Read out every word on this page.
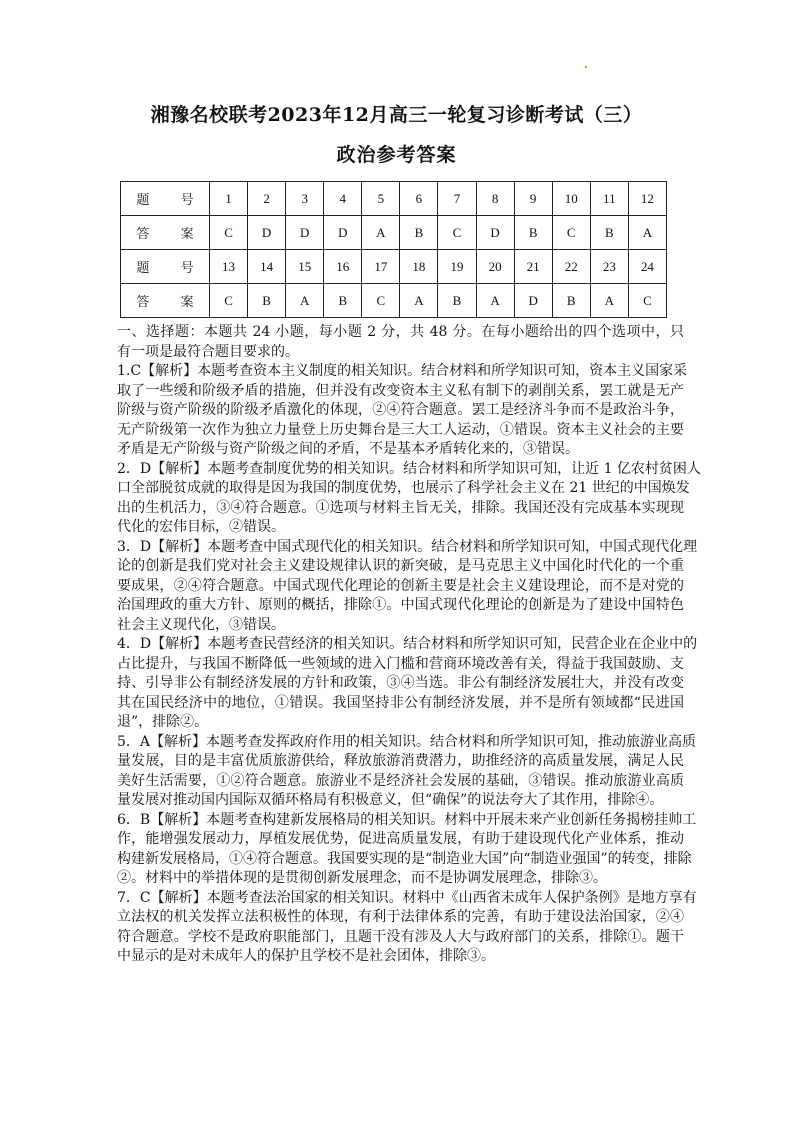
湘豫名校联考2023年12月高三一轮复习诊断考试（三）
政治参考答案
题 号	1	2	3	4	5	6	7	8	9	10	11	12
答 案	C	D	D	D	A	B	C	D	B	C	B	A
题 号	13	14	15	16	17	18	19	20	21	22	23	24
答 案	C	B	A	B	C	A	B	A	D	B	A	C
一、选择题：本题共 24 小题，每小题 2 分，共 48 分。在每小题给出的四个选项中，只
有一项是最符合题目要求的。
1.C【解析】本题考查资本主义制度的相关知识。结合材料和所学知识可知，资本主义国家采
取了一些缓和阶级矛盾的措施，但并没有改变资本主义私有制下的剥削关系，罢工就是无产
阶级与资产阶级的阶级矛盾激化的体现，②④符合题意。罢工是经济斗争而不是政治斗争，
无产阶级第一次作为独立力量登上历史舞台是三大工人运动，①错误。资本主义社会的主要
矛盾是无产阶级与资产阶级之间的矛盾，不是基本矛盾转化来的，③错误。
2．D【解析】本题考查制度优势的相关知识。结合材料和所学知识可知，让近 1 亿农村贫困人
口全部脱贫成就的取得是因为我国的制度优势，也展示了科学社会主义在 21 世纪的中国焕发
出的生机活力，③④符合题意。①选项与材料主旨无关，排除。我国还没有完成基本实现现
代化的宏伟目标，②错误。
3．D【解析】本题考查中国式现代化的相关知识。结合材料和所学知识可知，中国式现代化理
论的创新是我们党对社会主义建设规律认识的新突破，是马克思主义中国化时代化的一个重
要成果，②④符合题意。中国式现代化理论的创新主要是社会主义建设理论，而不是对党的
治国理政的重大方针、原则的概括，排除①。中国式现代化理论的创新是为了建设中国特色
社会主义现代化，③错误。
4．D【解析】本题考查民营经济的相关知识。结合材料和所学知识可知，民营企业在企业中的
占比提升，与我国不断降低一些领域的进入门槛和营商环境改善有关，得益于我国鼓励、支
持、引导非公有制经济发展的方针和政策，③④当选。非公有制经济发展壮大，并没有改变
其在国民经济中的地位，①错误。我国坚持非公有制经济发展，并不是所有领域都“民进国
退”，排除②。
5．A【解析】本题考查发挥政府作用的相关知识。结合材料和所学知识可知，推动旅游业高质
量发展，目的是丰富优质旅游供给，释放旅游消费潜力，助推经济的高质量发展，满足人民
美好生活需要，①②符合题意。旅游业不是经济社会发展的基础，③错误。推动旅游业高质
量发展对推动国内国际双循环格局有积极意义，但“确保”的说法夸大了其作用，排除④。
6．B【解析】本题考查构建新发展格局的相关知识。材料中开展未来产业创新任务揭榜挂帅工
作，能增强发展动力，厚植发展优势，促进高质量发展，有助于建设现代化产业体系，推动
构建新发展格局，①④符合题意。我国要实现的是“制造业大国”向“制造业强国”的转变，排除
②。材料中的举措体现的是贯彻创新发展理念，而不是协调发展理念，排除③。
7．C【解析】本题考查法治国家的相关知识。材料中《山西省未成年人保护条例》是地方享有
立法权的机关发挥立法积极性的体现，有利于法律体系的完善，有助于建设法治国家，②④
符合题意。学校不是政府职能部门，且题干没有涉及人大与政府部门的关系，排除①。题干
中显示的是对未成年人的保护且学校不是社会团体，排除③。
